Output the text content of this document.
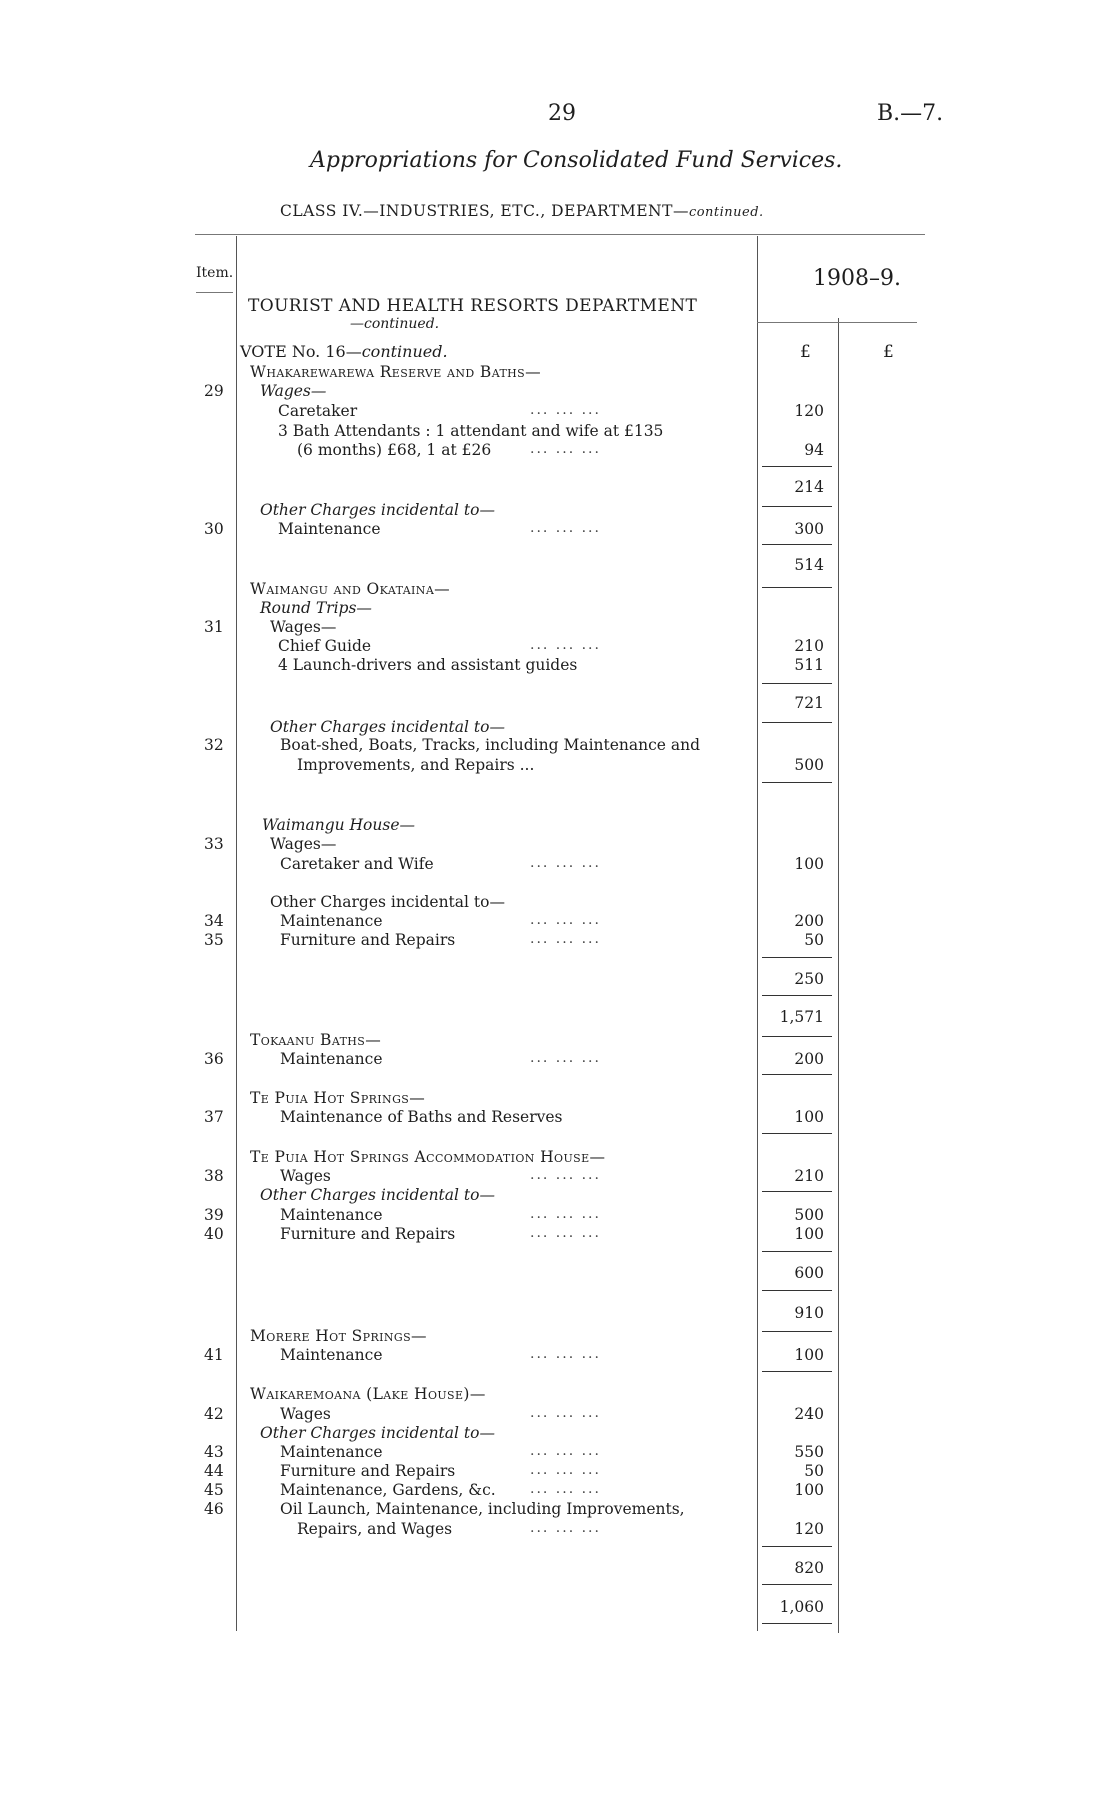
29	B.—7.
Appropriations for Consolidated Fund Services.
CLASS IV.—INDUSTRIES, ETC., DEPARTMENT—continued.
Item.	1908–9.
TOURIST AND HEALTH RESORTS DEPARTMENT
—continued.
VOTE No. 16—continued.	£	£
Whakarewarewa Reserve and Baths—
29 Wages—
Caretaker	... ... ...	120
3 Bath Attendants : 1 attendant and wife at £135
(6 months) £68, 1 at £26	... ... ...	94
214
Other Charges incidental to—
30	Maintenance	... ... ...	300
514
Waimangu and Okataina—
Round Trips—
31	Wages—
Chief Guide	... ... ...	210
4 Launch-drivers and assistant guides	511
721
Other Charges incidental to—
32	Boat-shed, Boats, Tracks, including Maintenance and
Improvements, and Repairs ...	500
Waimangu House—
33	Wages—
Caretaker and Wife	... ... ...	100
Other Charges incidental to—
34	Maintenance	... ... ...	200
35	Furniture and Repairs	... ... ...	50
250
1,571
Tokaanu Baths—
36	Maintenance	... ... ...	200
Te Puia Hot Springs—
37	Maintenance of Baths and Reserves	100
Te Puia Hot Springs Accommodation House—
38	Wages	... ... ...	210
Other Charges incidental to—
39	Maintenance	... ... ...	500
40	Furniture and Repairs	... ... ...	100
600
910
Morere Hot Springs—
41	Maintenance	... ... ...	100
Waikaremoana (Lake House)—
42	Wages	... ... ...	240
Other Charges incidental to—
43	Maintenance	... ... ...	550
44	Furniture and Repairs	... ... ...	50
45	Maintenance, Gardens, &c. ... ... ...	100
46	Oil Launch, Maintenance, including Improvements,
Repairs, and Wages	... ... ...	120
820
1,060
